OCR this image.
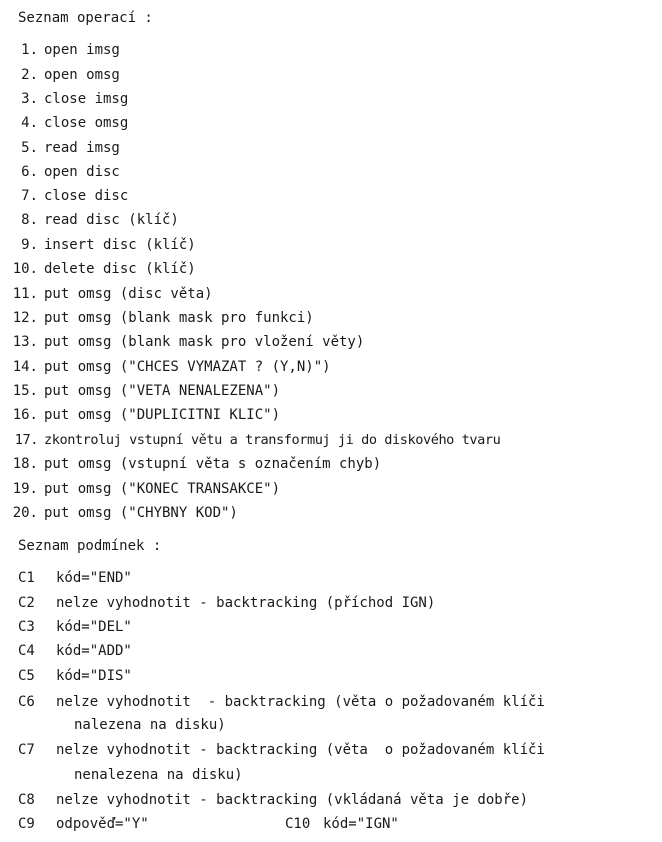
Seznam operací :
1. open imsg
2. open omsg
3. close imsg
4. close omsg
5. read imsg
6. open disc
7. close disc
8. read disc (klíč)
9. insert disc (klíč)
10. delete disc (klíč)
11. put omsg (disc věta)
12. put omsg (blank mask pro funkci)
13. put omsg (blank mask pro vložení věty)
14. put omsg ("CHCES VYMAZAT ? (Y,N)")
15. put omsg ("VETA NENALEZENA")
16. put omsg ("DUPLICITNI KLIC")
17. zkontroluj vstupní větu a transformuj ji do diskového tvaru
18. put omsg (vstupní věta s označením chyb)
19. put omsg ("KONEC TRANSAKCE")
20. put omsg ("CHYBNY KOD")
Seznam podmínek :
C1 kód="END"
C2 nelze vyhodnotit - backtracking (příchod IGN)
C3 kód="DEL"
C4 kód="ADD"
C5 kód="DIS"
C6 nelze vyhodnotit  - backtracking (věta o požadovaném klíči
nalezena na disku)
C7 nelze vyhodnotit - backtracking (věta  o požadovaném klíči
nenalezena na disku)
C8 nelze vyhodnotit - backtracking (vkládaná věta je dobře)
C9 odpověď="Y"	C10 kód="IGN"
